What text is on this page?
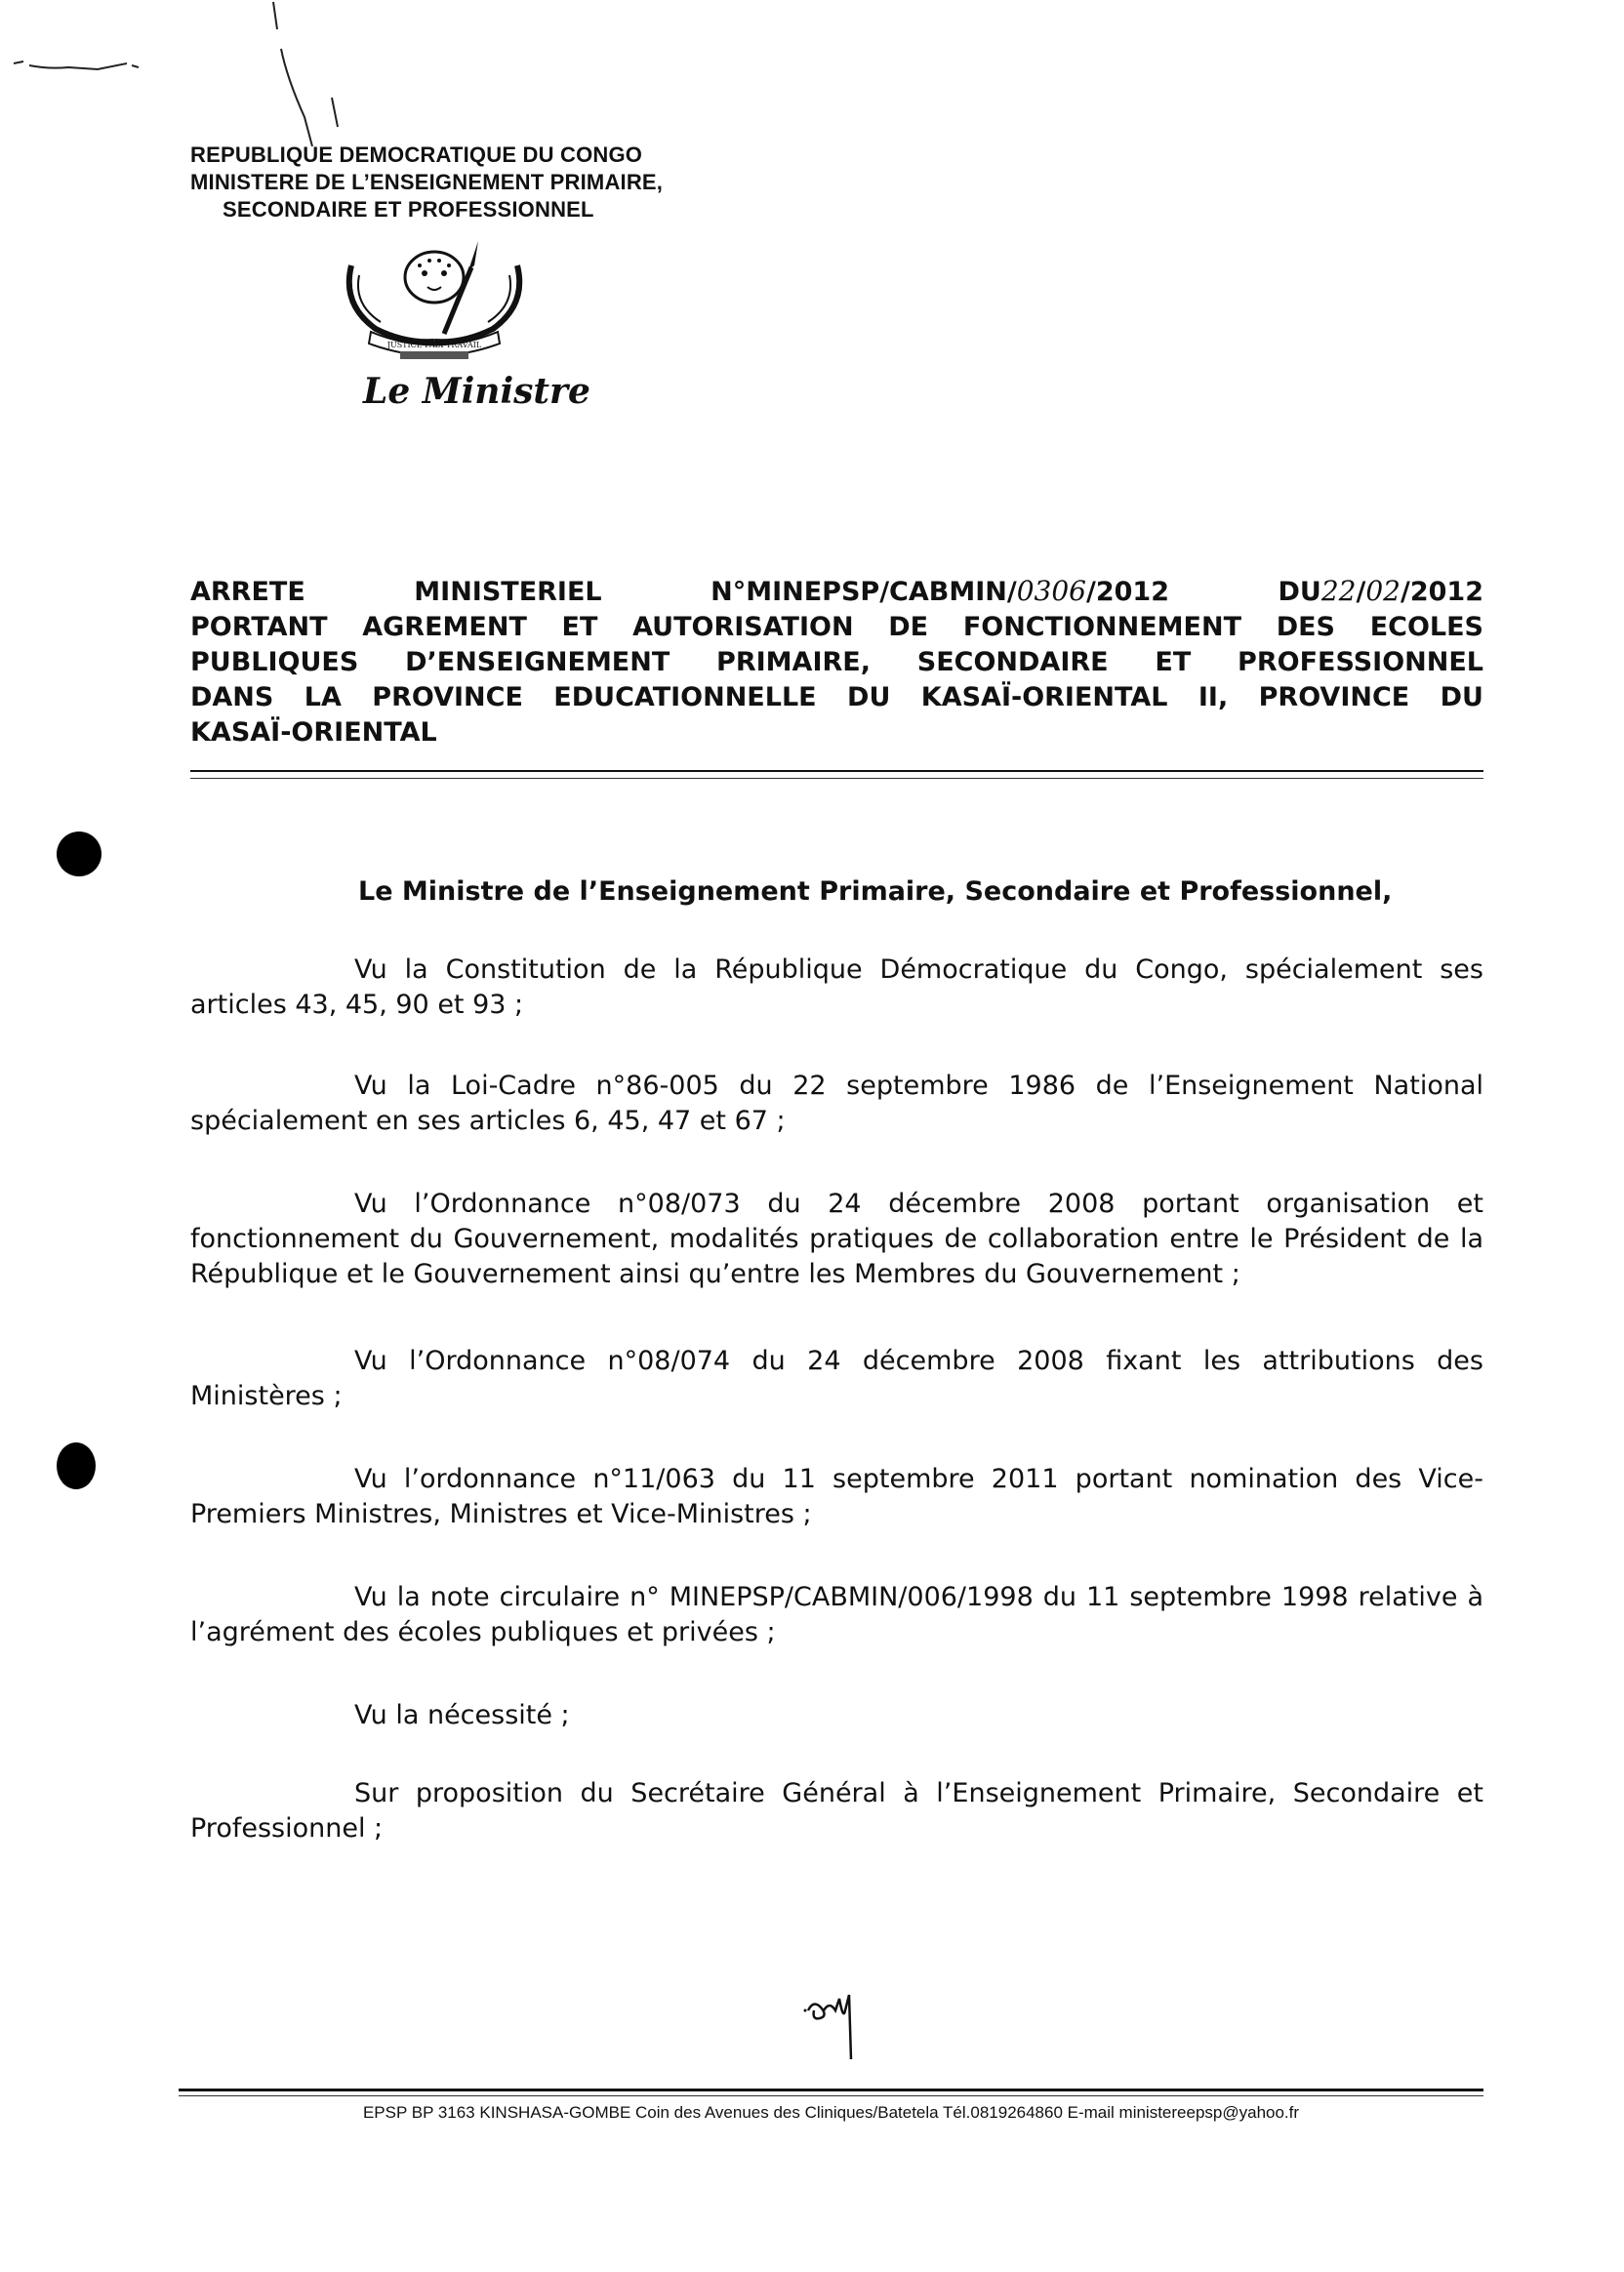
REPUBLIQUE DEMOCRATIQUE DU CONGO
MINISTERE DE L’ENSEIGNEMENT PRIMAIRE,
SECONDAIRE ET PROFESSIONNEL
JUSTICE PAIX TRAVAIL
Le Ministre
ARRETE	MINISTERIEL	N°MINEPSP/CABMIN/0306/2012	DU22/02/2012
PORTANT AGREMENT ET AUTORISATION DE FONCTIONNEMENT DES ECOLES
PUBLIQUES D’ENSEIGNEMENT PRIMAIRE, SECONDAIRE ET PROFESSIONNEL
DANS LA PROVINCE EDUCATIONNELLE DU KASAÏ-ORIENTAL II, PROVINCE DU
KASAÏ-ORIENTAL
Le Ministre de l’Enseignement Primaire, Secondaire et Professionnel,
Vu la Constitution de la République Démocratique du Congo, spécialement ses articles 43, 45, 90 et 93 ;
Vu la Loi-Cadre n°86-005 du 22 septembre 1986 de l’Enseignement National spécialement en ses articles 6, 45, 47 et 67 ;
Vu l’Ordonnance n°08/073 du 24 décembre 2008 portant organisation et fonctionnement du Gouvernement, modalités pratiques de collaboration entre le Président de la République et le Gouvernement ainsi qu’entre les Membres du Gouvernement ;
Vu l’Ordonnance n°08/074 du 24 décembre 2008 fixant les attributions des Ministères ;
Vu l’ordonnance n°11/063 du 11 septembre 2011 portant nomination des Vice-Premiers Ministres, Ministres et Vice-Ministres ;
Vu la note circulaire n° MINEPSP/CABMIN/006/1998 du 11 septembre 1998 relative à l’agrément des écoles publiques et privées ;
Vu la nécessité ;
Sur proposition du Secrétaire Général à l’Enseignement Primaire, Secondaire et Professionnel ;
EPSP BP 3163 KINSHASA-GOMBE Coin des Avenues des Cliniques/Batetela Tél.0819264860 E-mail ministereepsp@yahoo.fr
